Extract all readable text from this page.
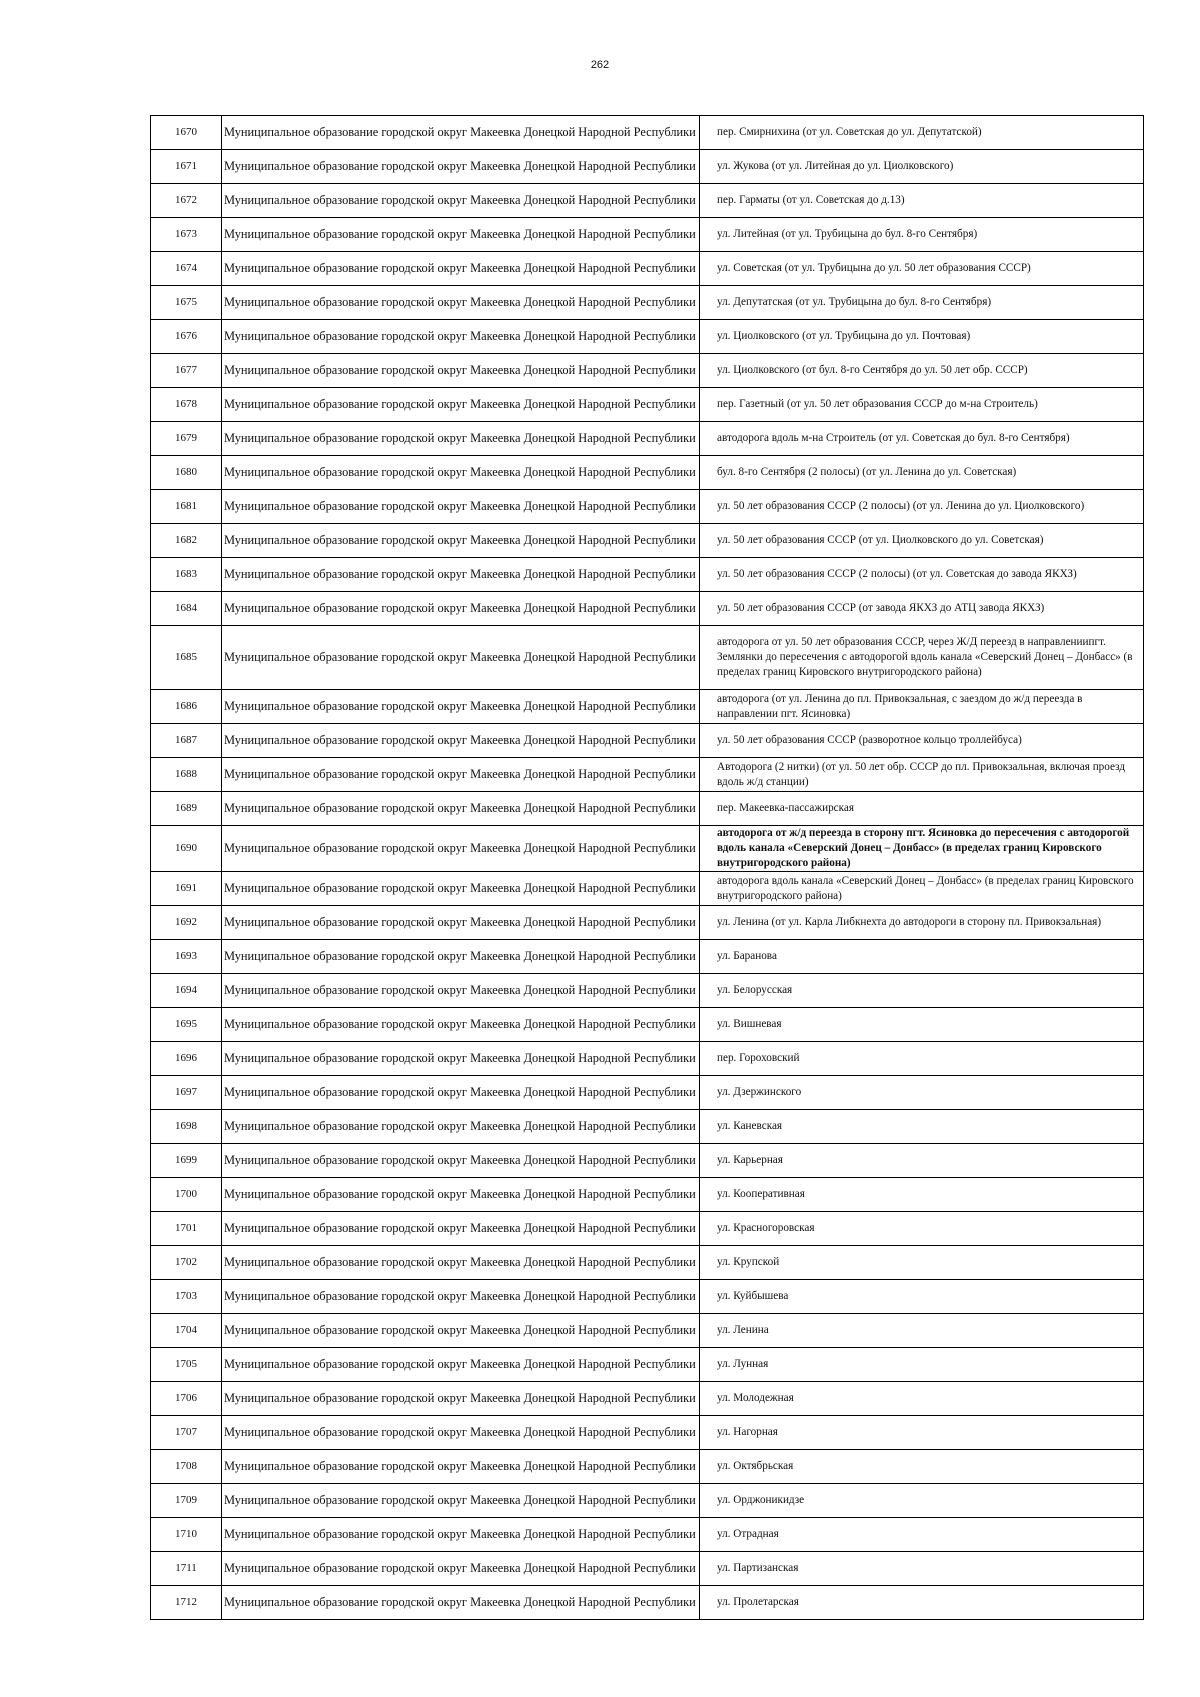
262
1670	Муниципальное образование городской округ Макеевка Донецкой Народной Республики	пер. Смирнихина (от ул. Советская до ул. Депутатской)
1671	Муниципальное образование городской округ Макеевка Донецкой Народной Республики	ул. Жукова (от ул. Литейная до ул. Циолковского)
1672	Муниципальное образование городской округ Макеевка Донецкой Народной Республики	пер. Гарматы (от ул. Советская до д.13)
1673	Муниципальное образование городской округ Макеевка Донецкой Народной Республики	ул. Литейная (от ул. Трубицына до бул. 8-го Сентября)
1674	Муниципальное образование городской округ Макеевка Донецкой Народной Республики	ул. Советская (от ул. Трубицына до ул. 50 лет образования СССР)
1675	Муниципальное образование городской округ Макеевка Донецкой Народной Республики	ул. Депутатская (от ул. Трубицына до бул. 8-го Сентября)
1676	Муниципальное образование городской округ Макеевка Донецкой Народной Республики	ул. Циолковского (от ул. Трубицына до ул. Почтовая)
1677	Муниципальное образование городской округ Макеевка Донецкой Народной Республики	ул. Циолковского (от бул. 8-го Сентября до ул. 50 лет обр. СССР)
1678	Муниципальное образование городской округ Макеевка Донецкой Народной Республики	пер. Газетный (от ул. 50 лет образования СССР до м-на Строитель)
1679	Муниципальное образование городской округ Макеевка Донецкой Народной Республики	автодорога вдоль м-на Строитель (от ул. Советская до бул. 8-го Сентября)
1680	Муниципальное образование городской округ Макеевка Донецкой Народной Республики	бул. 8-го Сентября (2 полосы) (от ул. Ленина до ул. Советская)
1681	Муниципальное образование городской округ Макеевка Донецкой Народной Республики	ул. 50 лет образования СССР (2 полосы) (от ул. Ленина до ул. Циолковского)
1682	Муниципальное образование городской округ Макеевка Донецкой Народной Республики	ул. 50 лет образования СССР (от ул. Циолковского до ул. Советская)
1683	Муниципальное образование городской округ Макеевка Донецкой Народной Республики	ул. 50 лет образования СССР (2 полосы) (от ул. Советская до завода ЯКХЗ)
1684	Муниципальное образование городской округ Макеевка Донецкой Народной Республики	ул. 50 лет образования СССР (от завода ЯКХЗ до АТЦ завода ЯКХЗ)
1685	Муниципальное образование городской округ Макеевка Донецкой Народной Республики	автодорога от ул. 50 лет образования СССР, через Ж/Д переезд в направлениипгт. Землянки до пересечения с автодорогой вдоль канала «Северский Донец – Донбасс» (в пределах границ Кировского внутригородского района)
1686	Муниципальное образование городской округ Макеевка Донецкой Народной Республики	автодорога (от ул. Ленина до пл. Привокзальная, с заездом до ж/д переезда в направлении пгт. Ясиновка)
1687	Муниципальное образование городской округ Макеевка Донецкой Народной Республики	ул. 50 лет образования СССР (разворотное кольцо троллейбуса)
1688	Муниципальное образование городской округ Макеевка Донецкой Народной Республики	Автодорога (2 нитки) (от ул. 50 лет обр. СССР до пл. Привокзальная, включая проезд вдоль ж/д станции)
1689	Муниципальное образование городской округ Макеевка Донецкой Народной Республики	пер. Макеевка-пассажирская
1690	Муниципальное образование городской округ Макеевка Донецкой Народной Республики	автодорога от ж/д переезда в сторону пгт. Ясиновка до пересечения с автодорогой вдоль канала «Северский Донец – Донбасс» (в пределах границ Кировского внутригородского района)
1691	Муниципальное образование городской округ Макеевка Донецкой Народной Республики	автодорога вдоль канала «Северский Донец – Донбасс» (в пределах границ Кировского внутригородского района)
1692	Муниципальное образование городской округ Макеевка Донецкой Народной Республики	ул. Ленина (от ул. Карла Либкнехта до автодороги в сторону пл. Привокзальная)
1693	Муниципальное образование городской округ Макеевка Донецкой Народной Республики	ул. Баранова
1694	Муниципальное образование городской округ Макеевка Донецкой Народной Республики	ул. Белорусская
1695	Муниципальное образование городской округ Макеевка Донецкой Народной Республики	ул. Вишневая
1696	Муниципальное образование городской округ Макеевка Донецкой Народной Республики	пер. Гороховский
1697	Муниципальное образование городской округ Макеевка Донецкой Народной Республики	ул. Дзержинского
1698	Муниципальное образование городской округ Макеевка Донецкой Народной Республики	ул. Каневская
1699	Муниципальное образование городской округ Макеевка Донецкой Народной Республики	ул. Карьерная
1700	Муниципальное образование городской округ Макеевка Донецкой Народной Республики	ул. Кооперативная
1701	Муниципальное образование городской округ Макеевка Донецкой Народной Республики	ул. Красногоровская
1702	Муниципальное образование городской округ Макеевка Донецкой Народной Республики	ул. Крупской
1703	Муниципальное образование городской округ Макеевка Донецкой Народной Республики	ул. Куйбышева
1704	Муниципальное образование городской округ Макеевка Донецкой Народной Республики	ул. Ленина
1705	Муниципальное образование городской округ Макеевка Донецкой Народной Республики	ул. Лунная
1706	Муниципальное образование городской округ Макеевка Донецкой Народной Республики	ул. Молодежная
1707	Муниципальное образование городской округ Макеевка Донецкой Народной Республики	ул. Нагорная
1708	Муниципальное образование городской округ Макеевка Донецкой Народной Республики	ул. Октябрьская
1709	Муниципальное образование городской округ Макеевка Донецкой Народной Республики	ул. Орджоникидзе
1710	Муниципальное образование городской округ Макеевка Донецкой Народной Республики	ул. Отрадная
1711	Муниципальное образование городской округ Макеевка Донецкой Народной Республики	ул. Партизанская
1712	Муниципальное образование городской округ Макеевка Донецкой Народной Республики	ул. Пролетарская
